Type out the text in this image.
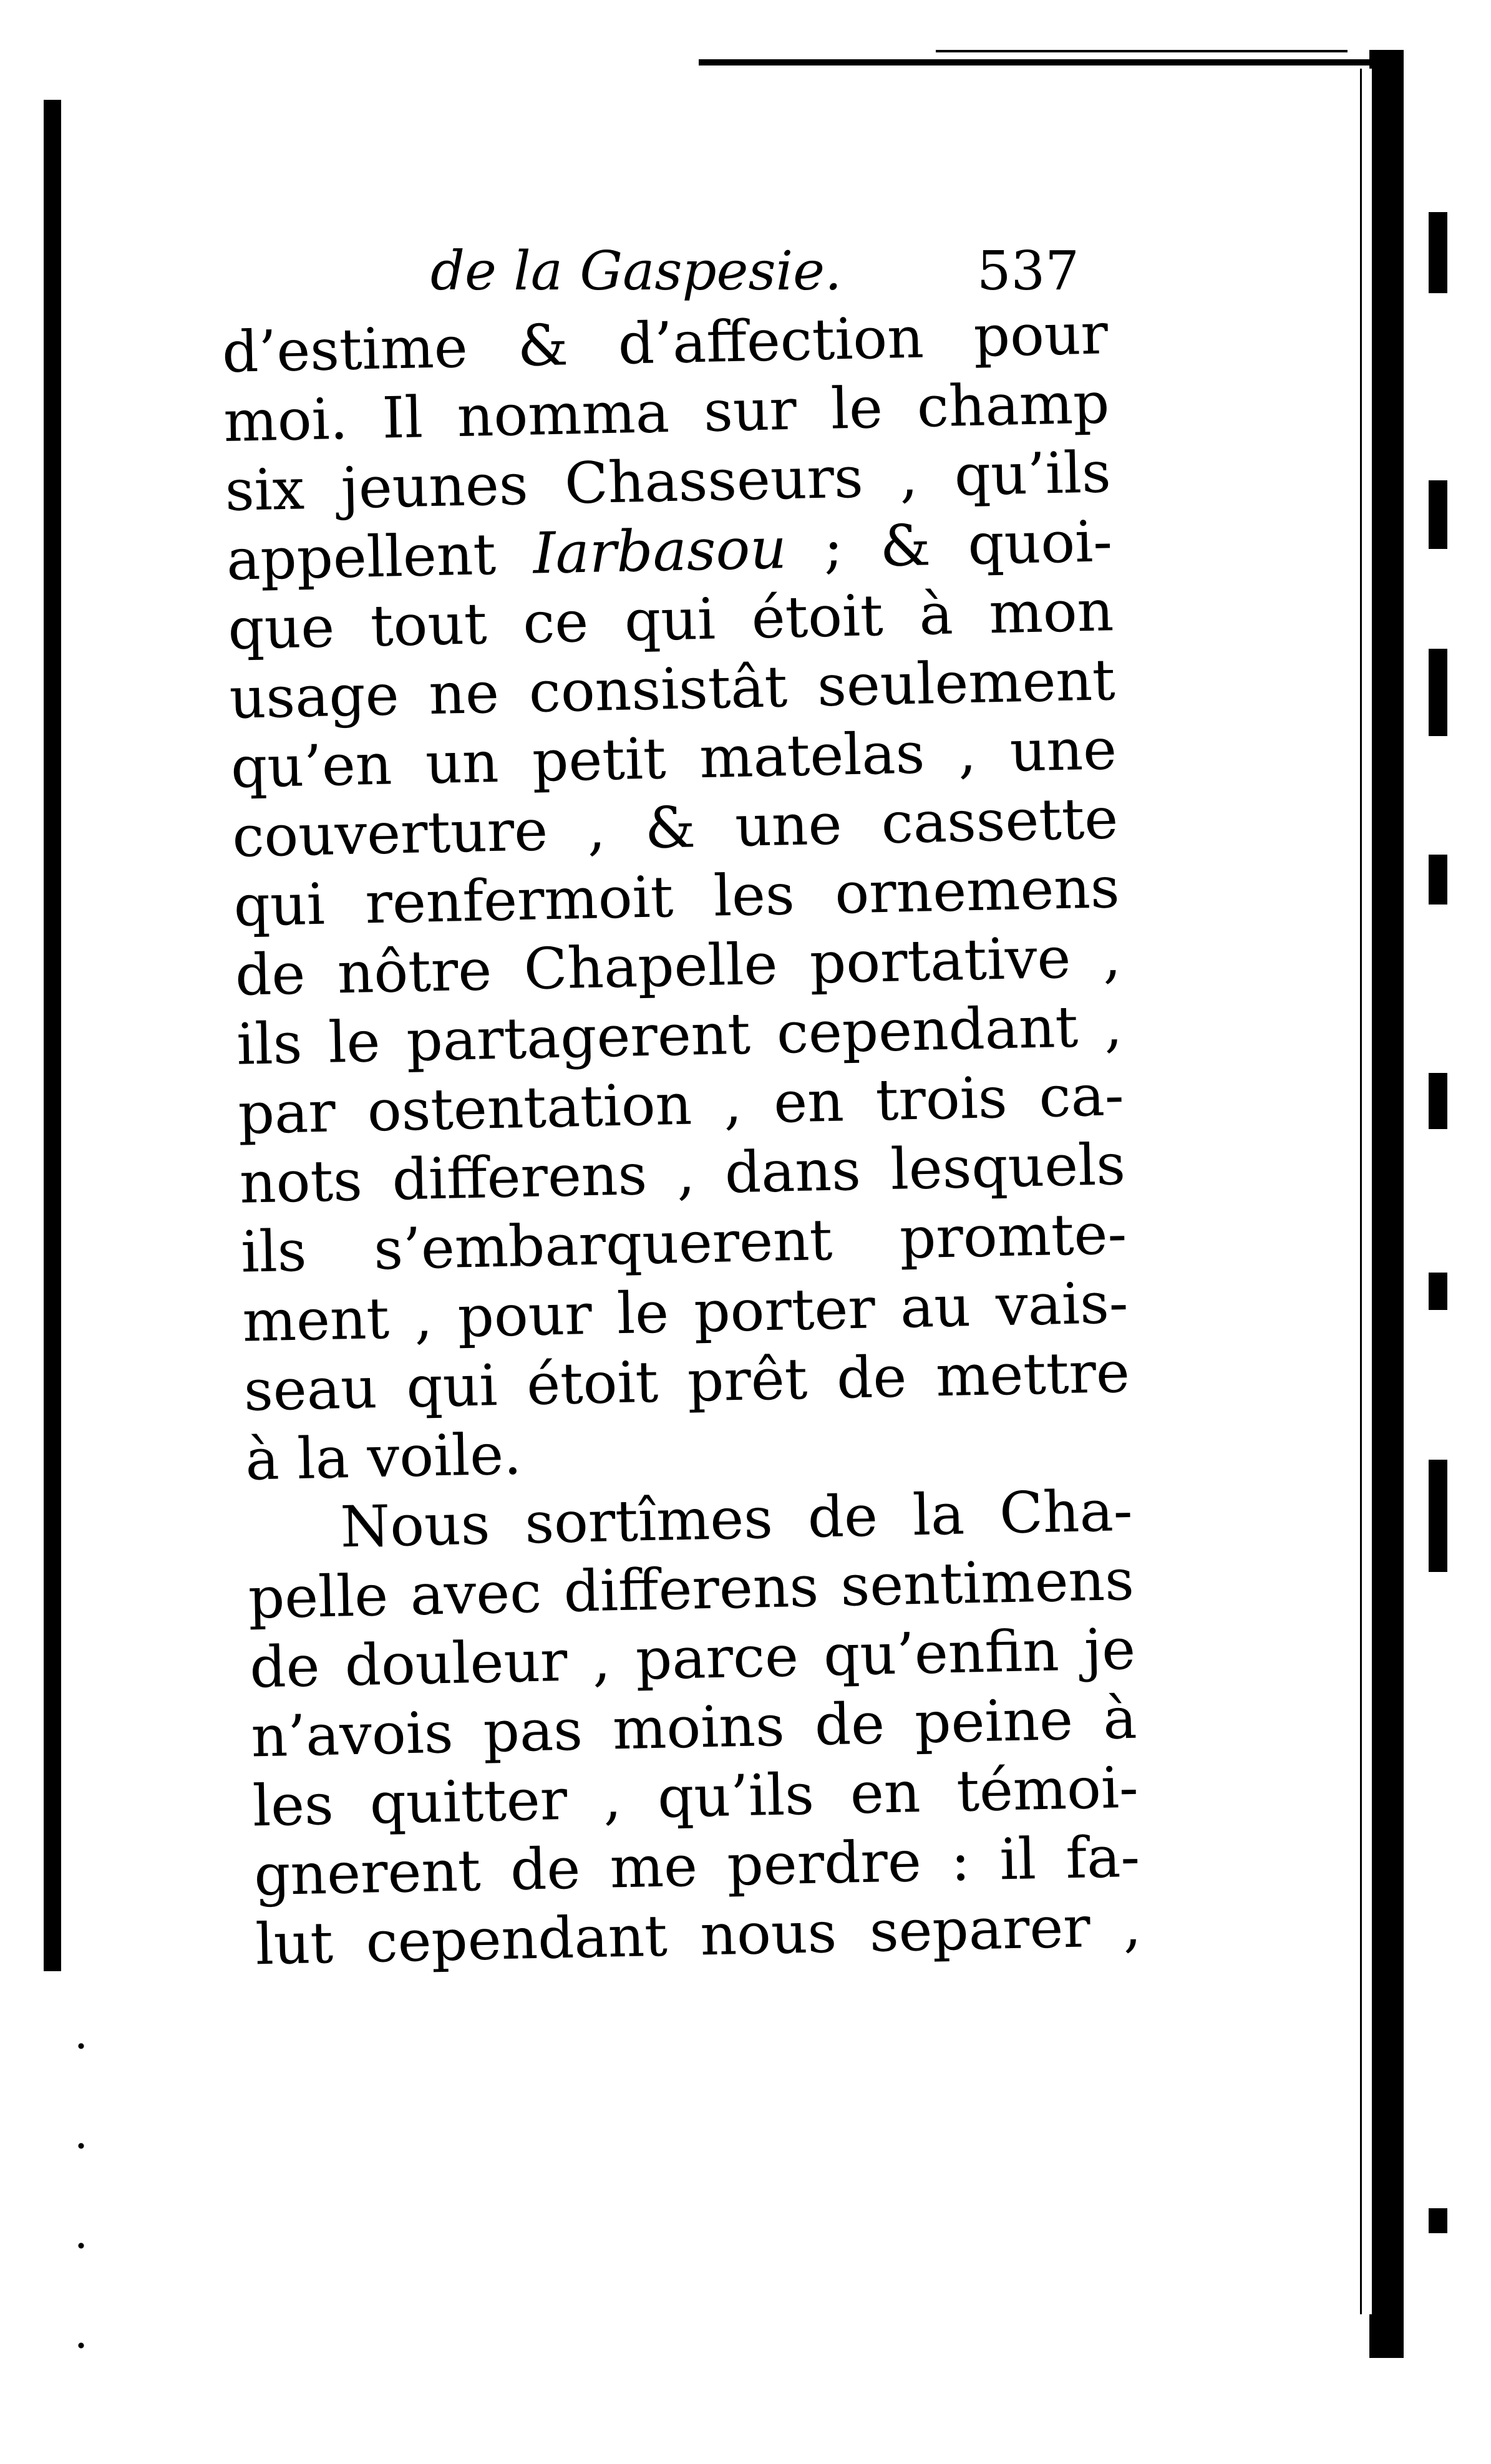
de la Gaspesie.	537
d’estime & d’affection pour
moi. Il nomma sur le champ
six jeunes Chasseurs , qu’ils
appellent Iarbasou ; & quoi-
que tout ce qui étoit à mon
usage ne consistât seulement
qu’en un petit matelas , une
couverture , & une cassette
qui renfermoit les ornemens
de nôtre Chapelle portative ,
ils le partagerent cependant ,
par ostentation , en trois ca-
nots differens , dans lesquels
ils s’embarquerent promte-
ment , pour le porter au vais-
seau qui étoit prêt de mettre
à la voile.
Nous sortîmes de la Cha-
pelle avec differens sentimens
de douleur , parce qu’enfin je
n’avois pas moins de peine à
les quitter , qu’ils en témoi-
gnerent de me perdre : il fa-
lut cependant nous separer ,
